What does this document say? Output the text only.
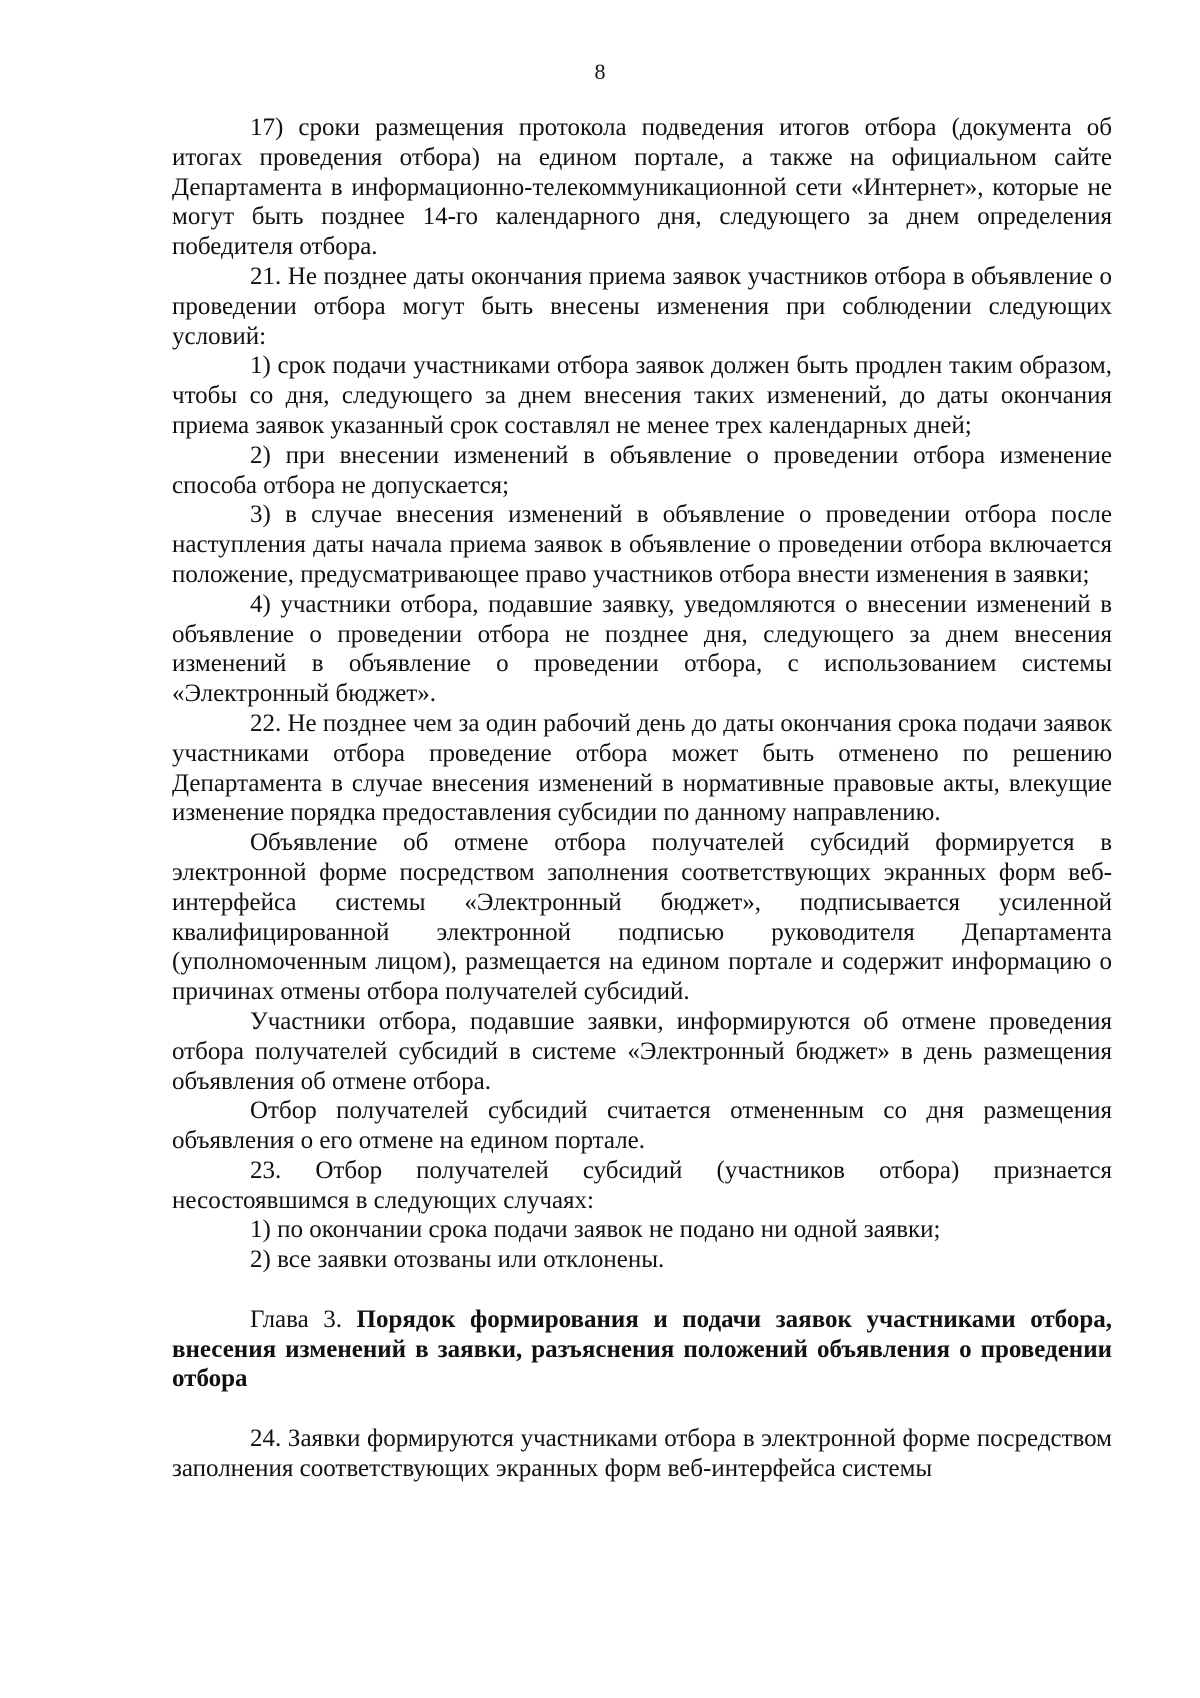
8

17) сроки размещения протокола подведения итогов отбора (документа об итогах проведения отбора) на едином портале, а также на официальном сайте Департамента в информационно-телекоммуникационной сети «Интернет», которые не могут быть позднее 14-го календарного дня, следующего за днем определения победителя отбора.

21. Не позднее даты окончания приема заявок участников отбора в объявление о проведении отбора могут быть внесены изменения при соблюдении следующих условий:

1) срок подачи участниками отбора заявок должен быть продлен таким образом, чтобы со дня, следующего за днем внесения таких изменений, до даты окончания приема заявок указанный срок составлял не менее трех календарных дней;

2) при внесении изменений в объявление о проведении отбора изменение способа отбора не допускается;

3) в случае внесения изменений в объявление о проведении отбора после наступления даты начала приема заявок в объявление о проведении отбора включается положение, предусматривающее право участников отбора внести изменения в заявки;

4) участники отбора, подавшие заявку, уведомляются о внесении изменений в объявление о проведении отбора не позднее дня, следующего за днем внесения изменений в объявление о проведении отбора, с использованием системы «Электронный бюджет».

22. Не позднее чем за один рабочий день до даты окончания срока подачи заявок участниками отбора проведение отбора может быть отменено по решению Департамента в случае внесения изменений в нормативные правовые акты, влекущие изменение порядка предоставления субсидии по данному направлению.

Объявление об отмене отбора получателей субсидий формируется в электронной форме посредством заполнения соответствующих экранных форм веб-интерфейса системы «Электронный бюджет», подписывается усиленной квалифицированной электронной подписью руководителя Департамента (уполномоченным лицом), размещается на едином портале и содержит информацию о причинах отмены отбора получателей субсидий.

Участники отбора, подавшие заявки, информируются об отмене проведения отбора получателей субсидий в системе «Электронный бюджет» в день размещения объявления об отмене отбора.

Отбор получателей субсидий считается отмененным со дня размещения объявления о его отмене на едином портале.

23. Отбор получателей субсидий (участников отбора) признается несостоявшимся в следующих случаях:

1) по окончании срока подачи заявок не подано ни одной заявки;

2) все заявки отозваны или отклонены.

Глава 3. Порядок формирования и подачи заявок участниками отбора, внесения изменений в заявки, разъяснения положений объявления о проведении отбора

24. Заявки формируются участниками отбора в электронной форме посредством заполнения соответствующих экранных форм веб-интерфейса системы
